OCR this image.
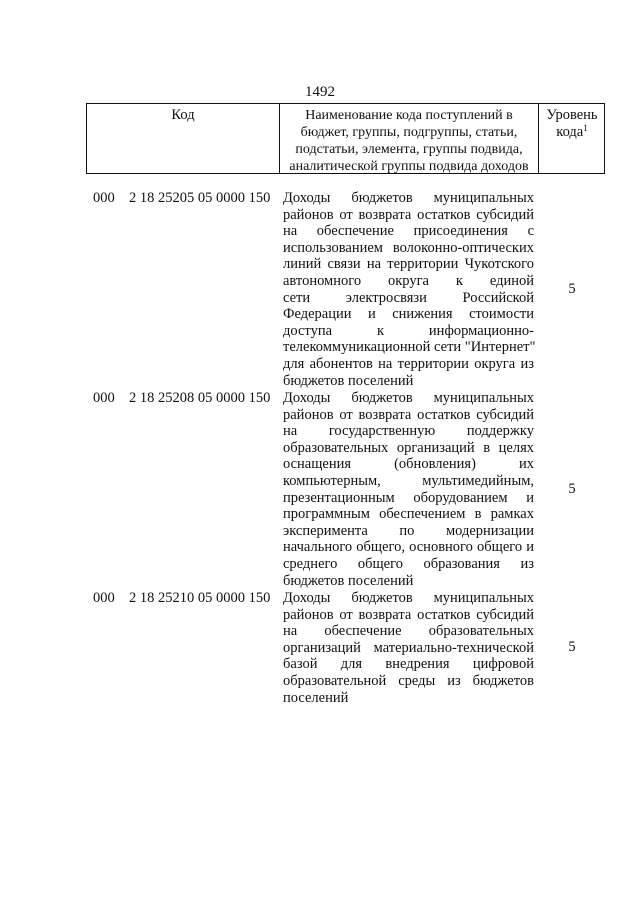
1492
Код	Наименование кода поступлений в
бюджет, группы, подгруппы, статьи,
подстатьи, элемента, группы подвида,
аналитической группы подвида доходов
Уровень
кода$^1$
000 2 18 25205 05 0000 150 Доходы бюджетов муниципальных
районов от возврата остатков субсидий
на обеспечение присоединения с
использованием волоконно-оптических
линий связи на территории Чукотского
автономного округа к единой
сети электросвязи Российской
Федерации и снижения стоимости
доступа к информационно-
телекоммуникационной сети "Интернет"
для абонентов на территории округа из
бюджетов поселений
5
000 2 18 25208 05 0000 150 Доходы бюджетов муниципальных
районов от возврата остатков субсидий
на государственную поддержку
образовательных организаций в целях
оснащения (обновления) их
компьютерным, мультимедийным,
презентационным оборудованием и
программным обеспечением в рамках
эксперимента по модернизации
начального общего, основного общего и
среднего общего образования из
бюджетов поселений
5
000 2 18 25210 05 0000 150 Доходы бюджетов муниципальных
районов от возврата остатков субсидий
на обеспечение образовательных
организаций материально-технической
базой для внедрения цифровой
образовательной среды из бюджетов
поселений
5
